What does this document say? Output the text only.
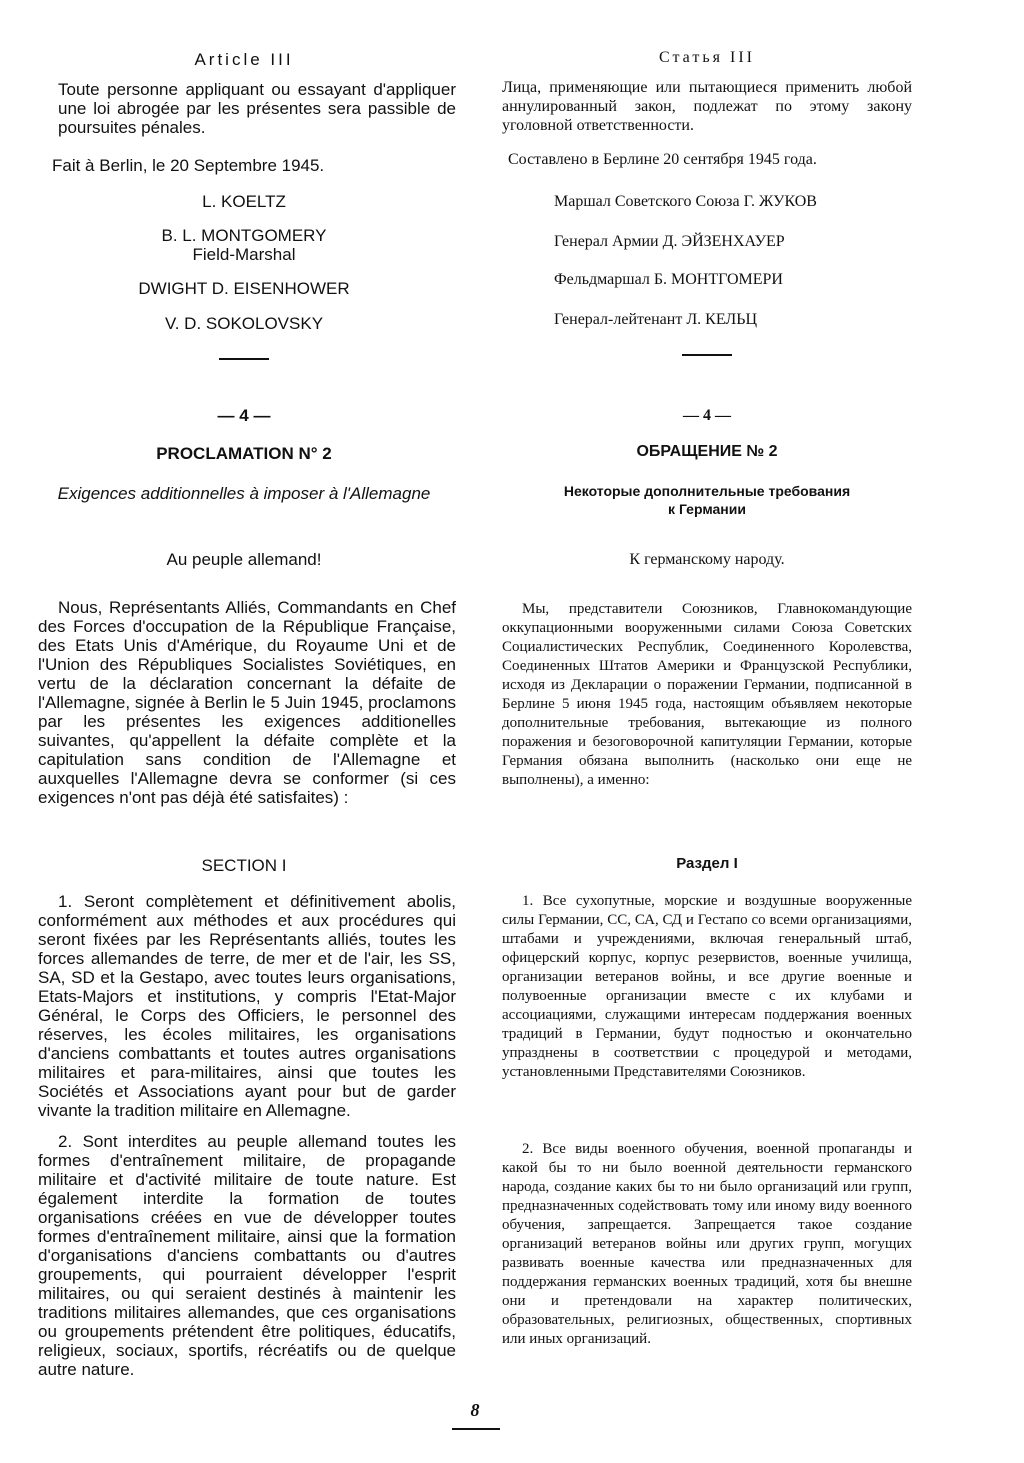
Article III
Toute personne appliquant ou essayant d'appliquer une loi abrogée par les présentes sera passible de poursuites pénales.
Fait à Berlin, le 20 Septembre 1945.
L. KOELTZ
B. L. MONTGOMERY
Field-Marshal
DWIGHT D. EISENHOWER
V. D. SOKOLOVSKY
— 4 —
PROCLAMATION N° 2
Exigences additionnelles à imposer à l'Allemagne
Au peuple allemand!
Nous, Représentants Alliés, Commandants en Chef des Forces d'occupation de la République Française, des Etats Unis d'Amérique, du Royaume Uni et de l'Union des Républiques Socialistes Soviétiques, en vertu de la déclaration concernant la défaite de l'Allemagne, signée à Berlin le 5 Juin 1945, proclamons par les présentes les exigences additionelles suivantes, qu'appellent la défaite complète et la capitulation sans condition de l'Allemagne et auxquelles l'Allemagne devra se conformer (si ces exigences n'ont pas déjà été satisfaites) :
SECTION I
1. Seront complètement et définitivement abolis, conformément aux méthodes et aux procédures qui seront fixées par les Représentants alliés, toutes les forces allemandes de terre, de mer et de l'air, les SS, SA, SD et la Gestapo, avec toutes leurs organisations, Etats-Majors et institutions, y compris l'Etat-Major Général, le Corps des Officiers, le personnel des réserves, les écoles militaires, les organisations d'anciens combattants et toutes autres organisations militaires et para-militaires, ainsi que toutes les Sociétés et Associations ayant pour but de garder vivante la tradition militaire en Allemagne.
2. Sont interdites au peuple allemand toutes les formes d'entraînement militaire, de propagande militaire et d'activité militaire de toute nature. Est également interdite la formation de toutes organisations créées en vue de développer toutes formes d'entraînement militaire, ainsi que la formation d'organisations d'anciens combattants ou d'autres groupements, qui pourraient développer l'esprit militaires, ou qui seraient destinés à maintenir les traditions militaires allemandes, que ces organisations ou groupements prétendent être politiques, éducatifs, religieux, sociaux, sportifs, récréatifs ou de quelque autre nature.
Статья III
Лица, применяющие или пытающиеся применить любой аннулированный закон, подлежат по этому закону уголовной ответственности.
Составлено в Берлине 20 сентября 1945 года.
Маршал Советского Союза Г. ЖУКОВ
Генерал Армии Д. ЭЙЗЕНХАУЕР
Фельдмаршал Б. МОНТГОМЕРИ
Генерал-лейтенант Л. КЕЛЬЦ
— 4 —
ОБРАЩЕНИЕ № 2
Некоторые дополнительные требования
к Германии
К германскому народу.
Мы, представители Союзников, Главнокомандующие оккупационными вооруженными силами Союза Советских Социалистических Республик, Соединенного Королевства, Соединенных Штатов Америки и Французской Республики, исходя из Декларации о поражении Германии, подписанной в Берлине 5 июня 1945 года, настоящим объявляем некоторые дополнительные требования, вытекающие из полного поражения и безоговорочной капитуляции Германии, которые Германия обязана выполнить (насколько они еще не выполнены), а именно:
Раздел I
1. Все сухопутные, морские и воздушные вооруженные силы Германии, СС, СА, СД и Гестапо со всеми организациями, штабами и учреждениями, включая генеральный штаб, офицерский корпус, корпус резервистов, военные училища, организации ветеранов войны, и все другие военные и полувоенные организации вместе с их клубами и ассоциациями, служащими интересам поддержания военных традиций в Германии, будут подностью и окончательно упразднены в соответствии с процедурой и методами, установленными Представителями Союзников.
2. Все виды военного обучения, военной пропаганды и какой бы то ни было военной деятельности германского народа, создание каких бы то ни было организаций или групп, предназначенных содействовать тому или иному виду военного обучения, запрещается. Запрещается такое создание организаций ветеранов войны или других групп, могущих развивать военные качества или предназначенных для поддержания германских военных традиций, хотя бы внешне они и претендовали на характер политических, образовательных, религиозных, общественных, спортивных или иных организаций.
8
